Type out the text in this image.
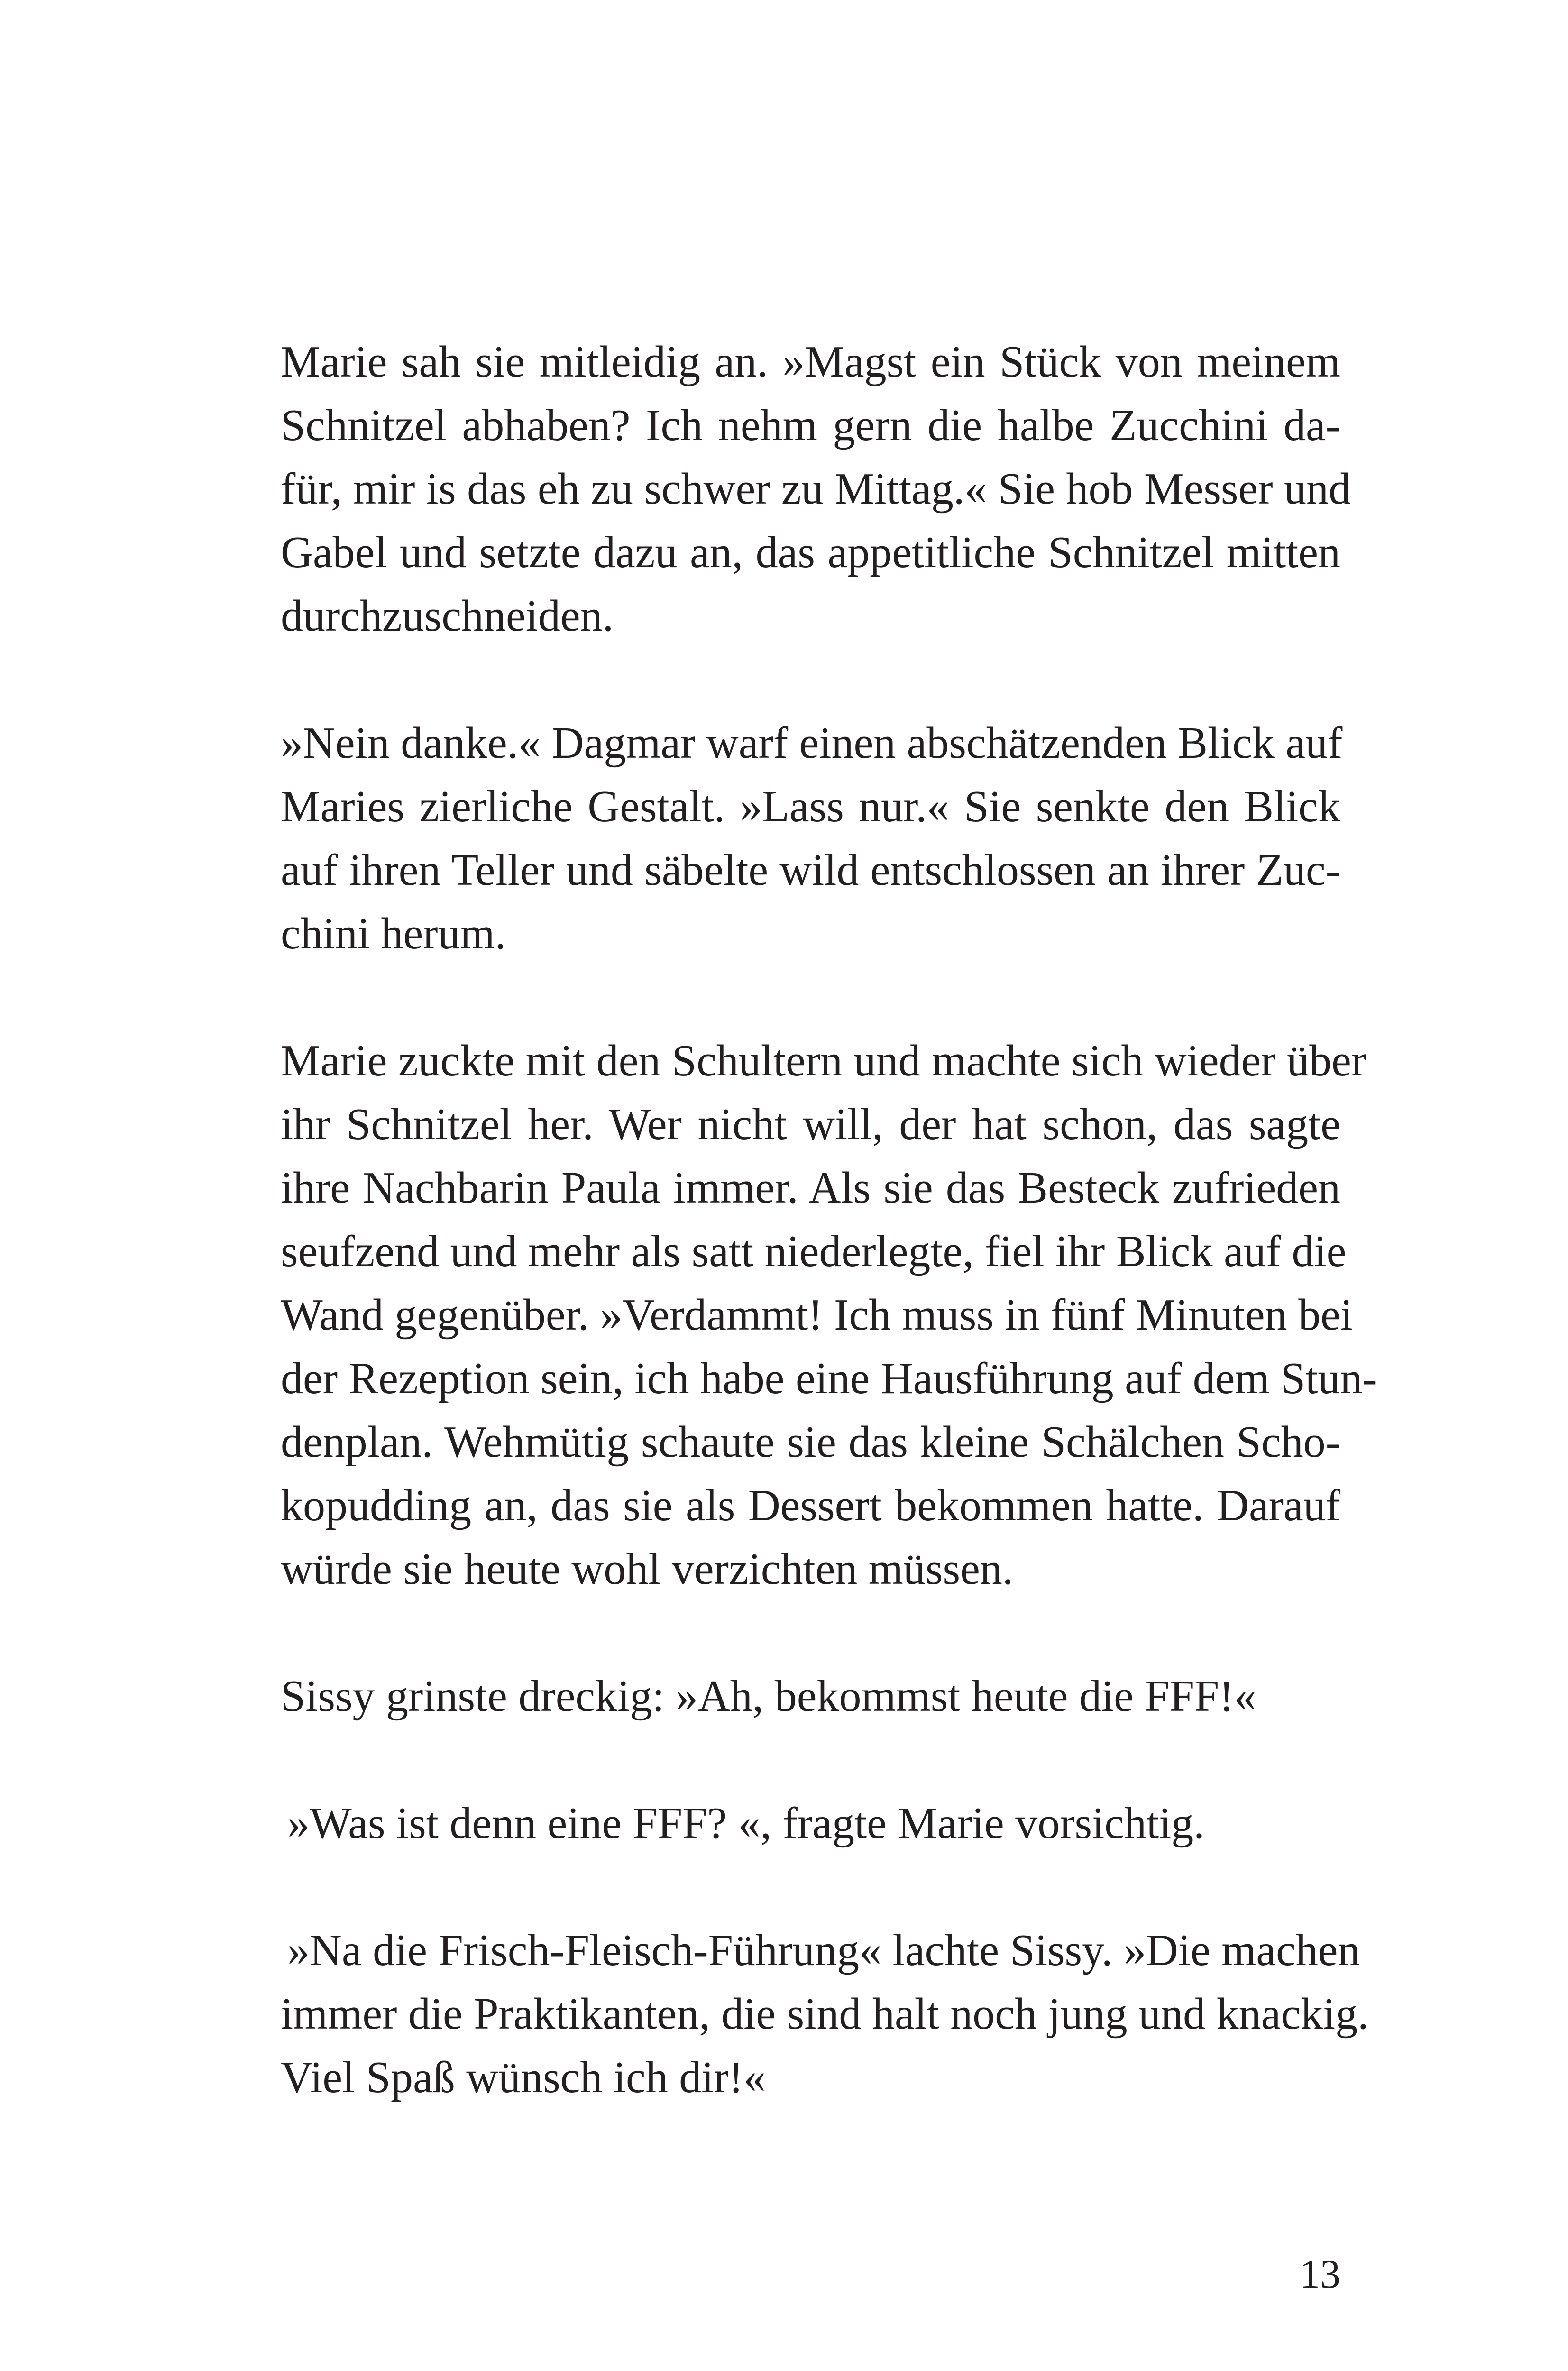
Marie sah sie mitleidig an. »Magst ein Stück von meinem
Schnitzel abhaben? Ich nehm gern die halbe Zucchini da-
für, mir is das eh zu schwer zu Mittag.« Sie hob Messer und
Gabel und setzte dazu an, das appetitliche Schnitzel mitten
durchzuschneiden.
»Nein danke.« Dagmar warf einen abschätzenden Blick auf
Maries zierliche Gestalt. »Lass nur.« Sie senkte den Blick
auf ihren Teller und säbelte wild entschlossen an ihrer Zuc-
chini herum.
Marie zuckte mit den Schultern und machte sich wieder über
ihr Schnitzel her. Wer nicht will, der hat schon, das sagte
ihre Nachbarin Paula immer. Als sie das Besteck zufrieden
seufzend und mehr als satt niederlegte, fiel ihr Blick auf die
Wand gegenüber. »Verdammt! Ich muss in fünf Minuten bei
der Rezeption sein, ich habe eine Hausführung auf dem Stun-
denplan. Wehmütig schaute sie das kleine Schälchen Scho-
kopudding an, das sie als Dessert bekommen hatte. Darauf
würde sie heute wohl verzichten müssen.
Sissy grinste dreckig: »Ah, bekommst heute die FFF!«
»Was ist denn eine FFF? «, fragte Marie vorsichtig.
»Na die Frisch-Fleisch-Führung« lachte Sissy. »Die machen
immer die Praktikanten, die sind halt noch jung und knackig.
Viel Spaß wünsch ich dir!«
13
